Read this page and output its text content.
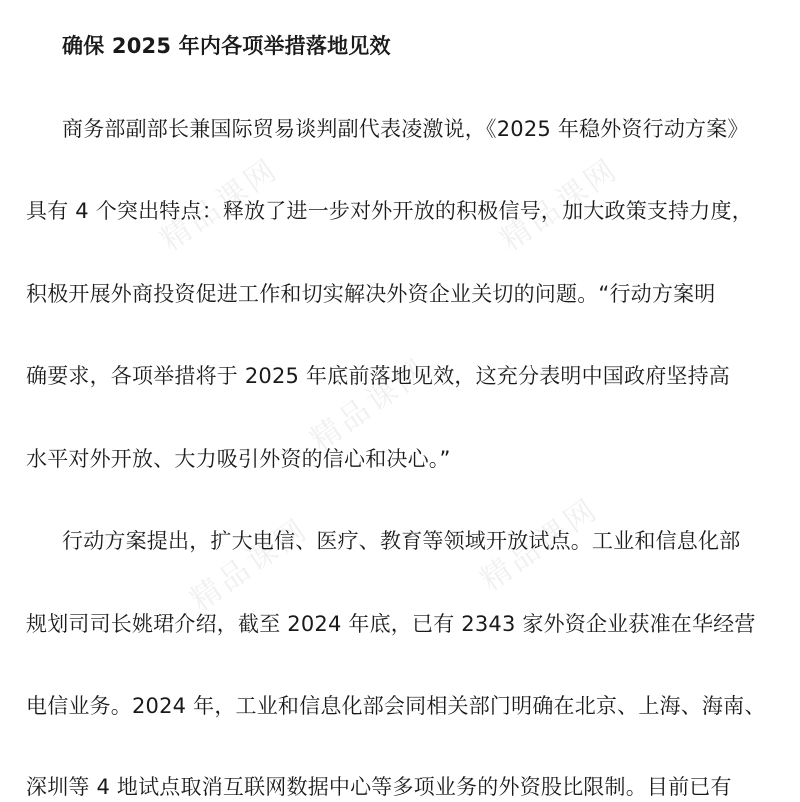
精品课网	精品课网
精品课网
精品课网	精品课网
确保 2025 年内各项举措落地见效
商务部副部长兼国际贸易谈判副代表凌激说，《2025 年稳外资行动方案》
具有 4 个突出特点：释放了进一步对外开放的积极信号，加大政策支持力度，
积极开展外商投资促进工作和切实解决外资企业关切的问题。“行动方案明
确要求，各项举措将于 2025 年底前落地见效，这充分表明中国政府坚持高
水平对外开放、大力吸引外资的信心和决心。”
行动方案提出，扩大电信、医疗、教育等领域开放试点。工业和信息化部
规划司司长姚珺介绍，截至 2024 年底，已有 2343 家外资企业获准在华经营
电信业务。2024 年，工业和信息化部会同相关部门明确在北京、上海、海南、
深圳等 4 地试点取消互联网数据中心等多项业务的外资股比限制。目前已有
